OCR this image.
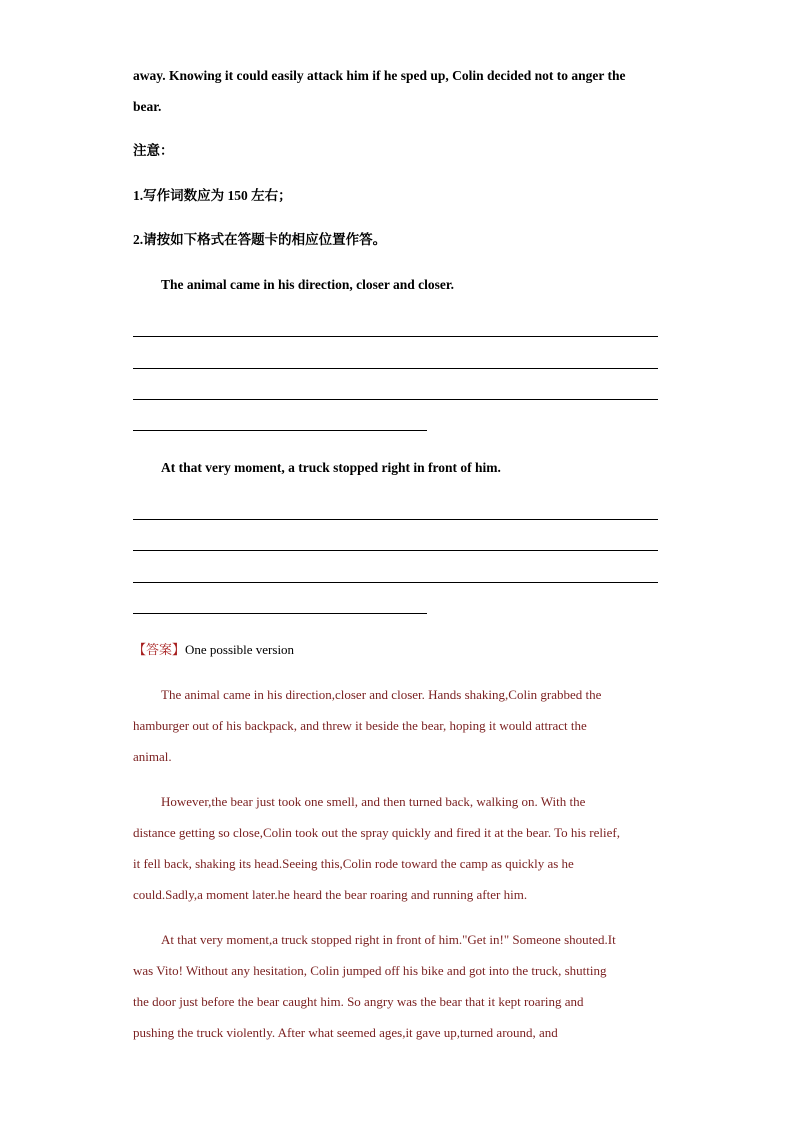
away. Knowing it could easily attack him if he sped up, Colin decided not to anger the
bear.
注意：
1.写作词数应为 150 左右；
2.请按如下格式在答题卡的相应位置作答。
The animal came in his direction, closer and closer.
At that very moment, a truck stopped right in front of him.
【答案】One possible version
The animal came in his direction,closer and closer. Hands shaking,Colin grabbed the
hamburger out of his backpack, and threw it beside the bear, hoping it would attract the
animal.
However,the bear just took one smell, and then turned back, walking on. With the
distance getting so close,Colin took out the spray quickly and fired it at the bear. To his relief,
it fell back, shaking its head.Seeing this,Colin rode toward the camp as quickly as he
could.Sadly,a moment later.he heard the bear roaring and running after him.
At that very moment,a truck stopped right in front of him."Get in!" Someone shouted.It
was Vito! Without any hesitation, Colin jumped off his bike and got into the truck, shutting
the door just before the bear caught him. So angry was the bear that it kept roaring and
pushing the truck violently. After what seemed ages,it gave up,turned around, and
